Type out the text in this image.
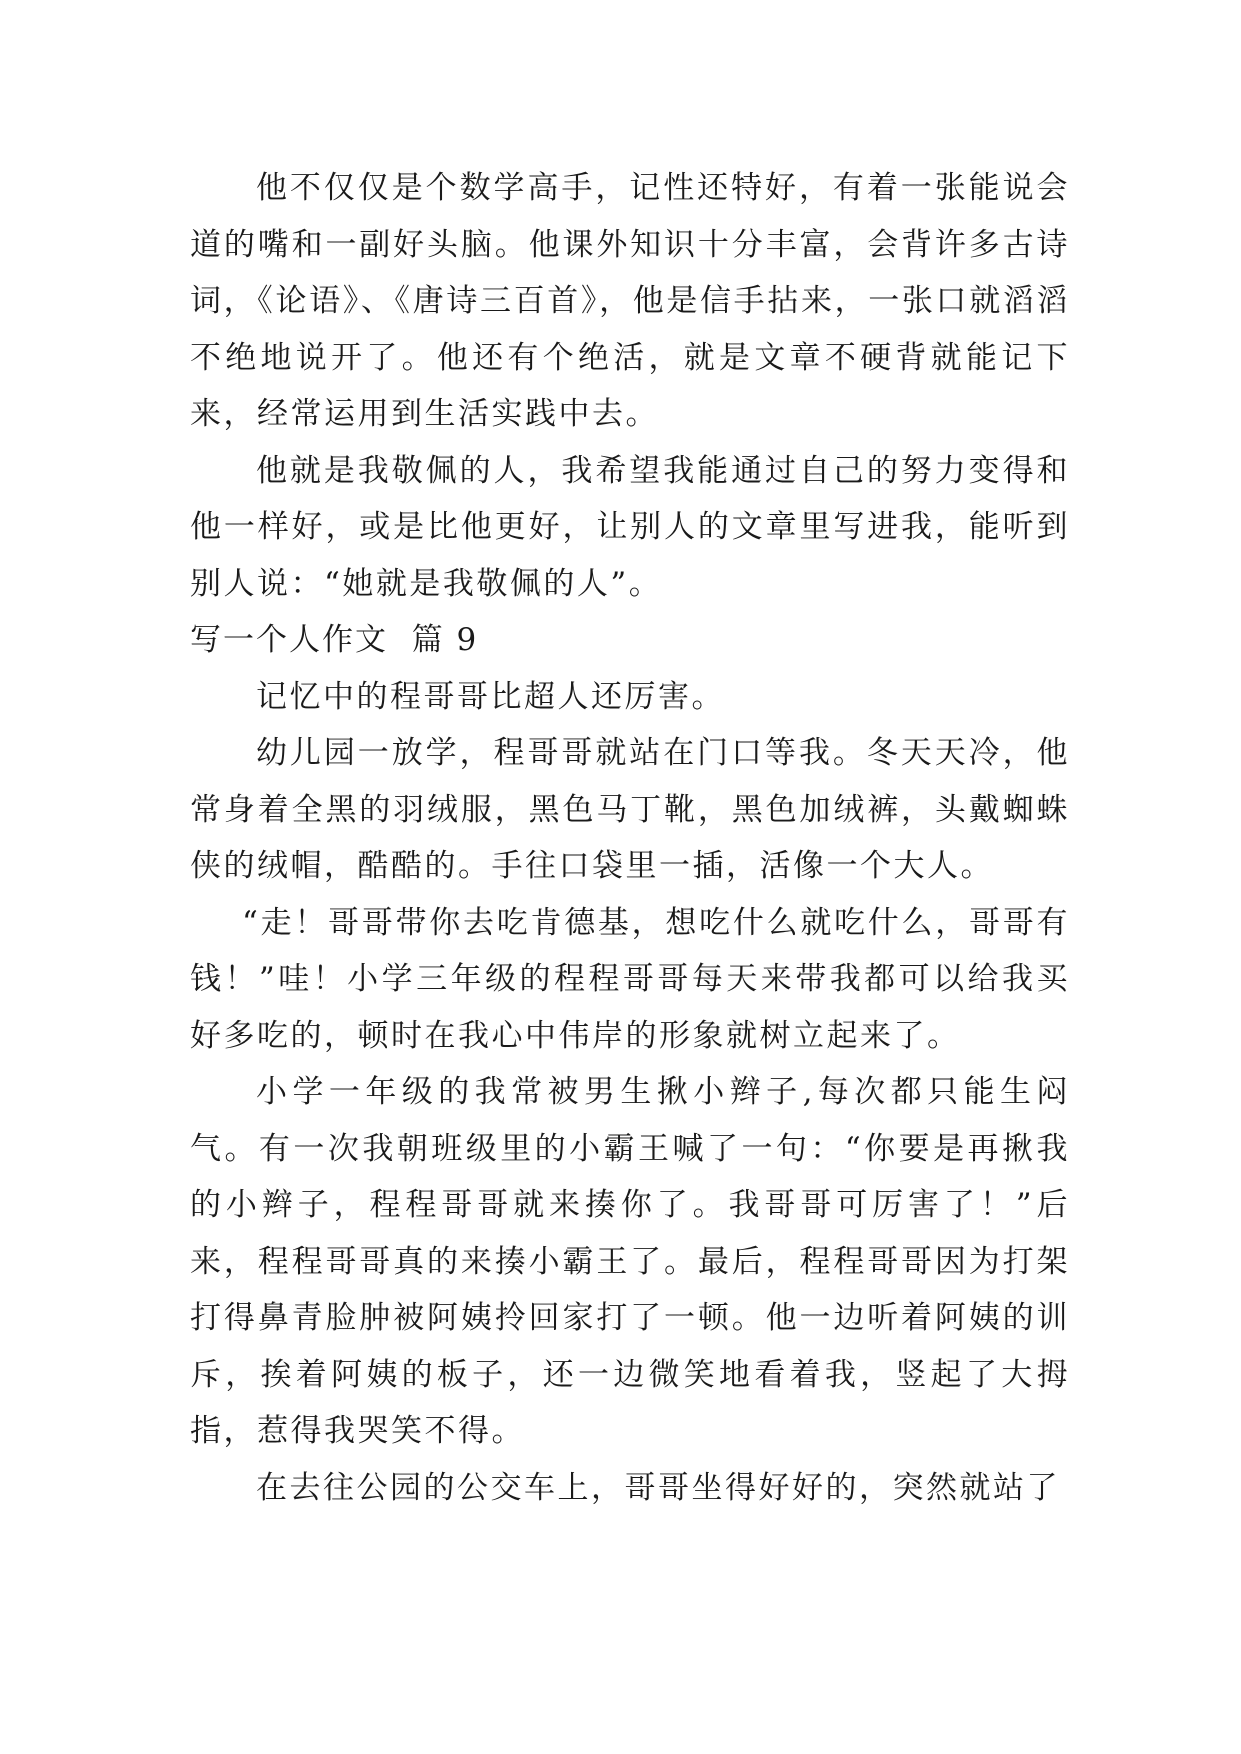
他不仅仅是个数学高手，记性还特好，有着一张能说会道的嘴和一副好头脑。他课外知识十分丰富，会背许多古诗词，《论语》、《唐诗三百首》，他是信手拈来，一张口就滔滔不绝地说开了。他还有个绝活，就是文章不硬背就能记下来，经常运用到生活实践中去。

他就是我敬佩的人，我希望我能通过自己的努力变得和他一样好，或是比他更好，让别人的文章里写进我，能听到别人说：“她就是我敬佩的人”。

写一个人作文  篇 9

记忆中的程哥哥比超人还厉害。

幼儿园一放学，程哥哥就站在门口等我。冬天天冷，他常身着全黑的羽绒服，黑色马丁靴，黑色加绒裤，头戴蜘蛛侠的绒帽，酷酷的。手往口袋里一插，活像一个大人。

“走！哥哥带你去吃肯德基，想吃什么就吃什么，哥哥有钱！”哇！小学三年级的程程哥哥每天来带我都可以给我买好多吃的，顿时在我心中伟岸的形象就树立起来了。

小学一年级的我常被男生揪小辫子,每次都只能生闷气。有一次我朝班级里的小霸王喊了一句：“你要是再揪我的小辫子，程程哥哥就来揍你了。我哥哥可厉害了！”后来，程程哥哥真的来揍小霸王了。最后，程程哥哥因为打架打得鼻青脸肿被阿姨拎回家打了一顿。他一边听着阿姨的训斥，挨着阿姨的板子，还一边微笑地看着我，竖起了大拇指，惹得我哭笑不得。

在去往公园的公交车上，哥哥坐得好好的，突然就站了
